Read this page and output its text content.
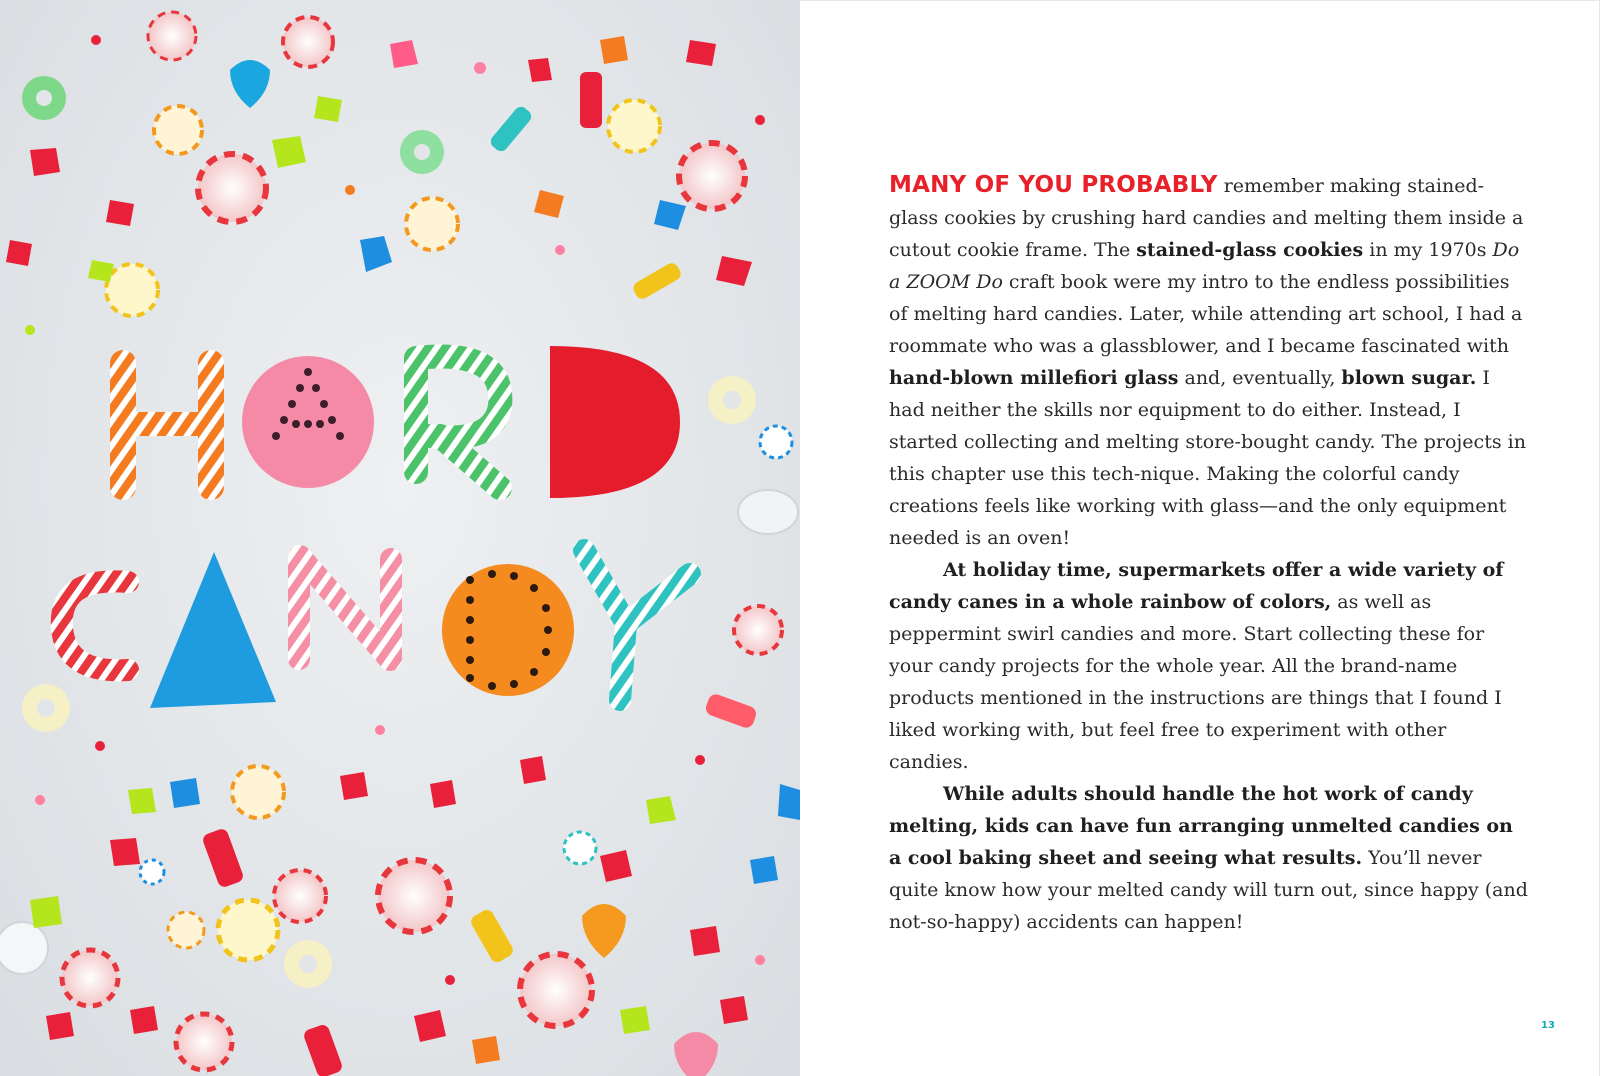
MANY OF YOU PROBABLY remember making stained-glass cookies by crushing hard candies and melting them inside a cutout cookie frame. The stained-glass cookies in my 1970s Do a ZOOM Do craft book were my intro to the endless possibilities of melting hard candies. Later, while attending art school, I had a roommate who was a glassblower, and I became fascinated with hand-blown millefiori glass and, eventually, blown sugar. I had neither the skills nor equipment to do either. Instead, I started collecting and melting store-bought candy. The projects in this chapter use this tech-nique. Making the colorful candy creations feels like working with glass—and the only equipment needed is an oven!

At holiday time, supermarkets offer a wide variety of candy canes in a whole rainbow of colors, as well as peppermint swirl candies and more. Start collecting these for your candy projects for the whole year. All the brand-name products mentioned in the instructions are things that I found I liked working with, but feel free to experiment with other candies.

While adults should handle the hot work of candy melting, kids can have fun arranging unmelted candies on a cool baking sheet and seeing what results. You’ll never quite know how your melted candy will turn out, since happy (and not-so-happy) accidents can happen!

13
